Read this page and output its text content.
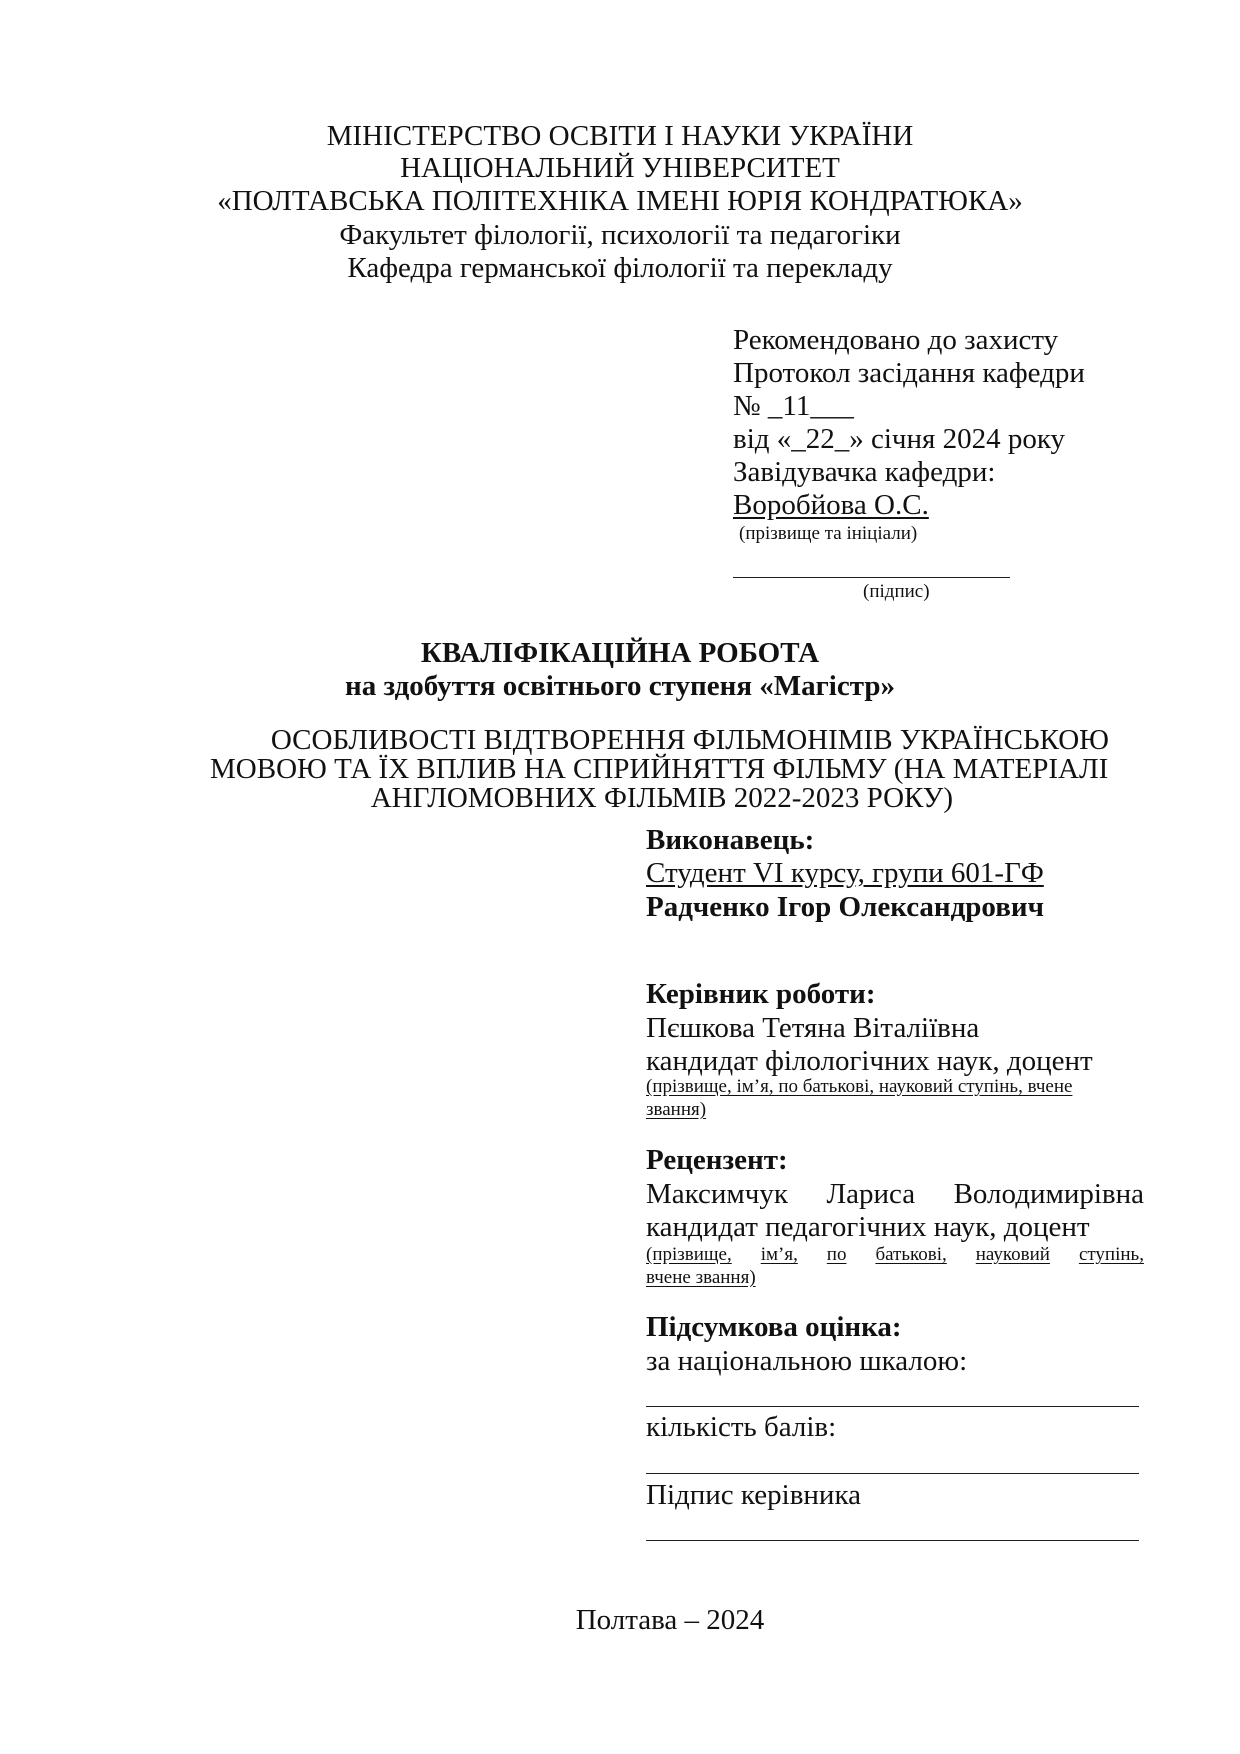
МІНІСТЕРСТВО ОСВІТИ І НАУКИ УКРАЇНИ
НАЦІОНАЛЬНИЙ УНІВЕРСИТЕТ
«ПОЛТАВСЬКА ПОЛІТЕХНІКА ІМЕНІ ЮРІЯ КОНДРАТЮКА»
Факультет філології, психології та педагогіки
Кафедра германської філології та перекладу
Рекомендовано до захисту
Протокол засідання кафедри
№ _11___
від «_22_» січня 2024 року
Завідувачка кафедри:
Воробйова О.С.
(прізвище та ініціали)
(підпис)
КВАЛІФІКАЦІЙНА РОБОТА
на здобуття освітнього ступеня «Магістр»
ОСОБЛИВОСТІ ВІДТВОРЕННЯ ФІЛЬМОНІМІВ УКРАЇНСЬКОЮ
МОВОЮ ТА ЇХ ВПЛИВ НА СПРИЙНЯТТЯ ФІЛЬМУ (НА МАТЕРІАЛІ
АНГЛОМОВНИХ ФІЛЬМІВ 2022-2023 РОКУ)
Виконавець:
Студент VI курсу, групи 601-ГФ
Радченко Ігор Олександрович
Керівник роботи:
Пєшкова Тетяна Віталіївна
кандидат філологічних наук, доцент
(прізвище, ім’я, по батькові, науковий ступінь, вчене
звання)
Рецензент:
Максимчук Лариса Володимирівна
кандидат педагогічних наук, доцент
(прізвище, ім’я, по батькові, науковий ступінь,
вчене звання)
Підсумкова оцінка:
за національною шкалою:
кількість балів:
Підпис керівника
Полтава – 2024
